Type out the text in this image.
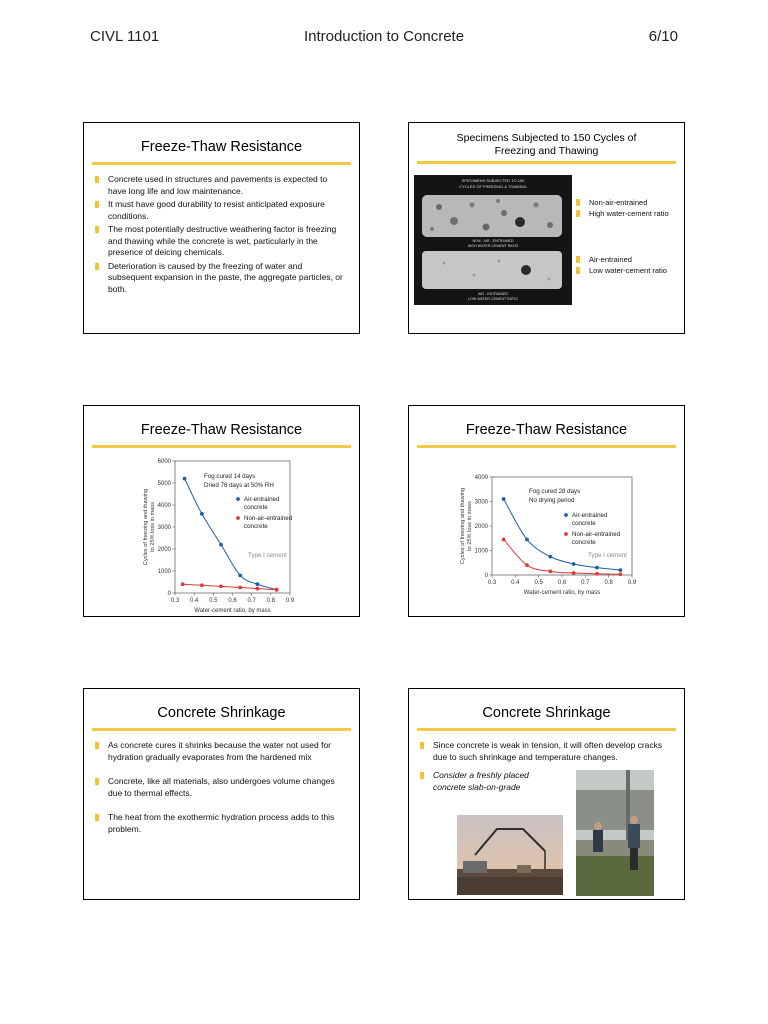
CIVL 1101	Introduction to Concrete	6/10
Freeze-Thaw Resistance
Concrete used in structures and pavements is expected to have long life and low maintenance.
It must have good durability to resist anticipated exposure conditions.
The most potentially destructive weathering factor is freezing and thawing while the concrete is wet, particularly in the presence of deicing chemicals.
Deterioration is caused by the freezing of water and subsequent expansion in the paste, the aggregate particles, or both.
Specimens Subjected to 150 Cycles of
Freezing and Thawing
SPECIMENS SUBJECTED TO 150
CYCLES OF FREEZING & THAWING
NON - AIR - ENTRAINED
HIGH WATER-CEMENT RATIO
AIR - ENTRAINED
LOW WATER-CEMENT RATIO
Non-air-entrained
High water-cement ratio
Air-entrained
Low water-cement ratio
Freeze-Thaw Resistance
0.3 0.4 0.5 0.6 0.7 0.8 0.9
0
1000
2000
3000
4000
5000
6000
Water-cement ratio, by mass
Cycles of freezing and thawing to 25% loss in mass
Fog cured 14 days
Dried 76 days at 50% RH
Type I cement
Air-entrained
concrete
Non-air-entrained
concrete
Freeze-Thaw Resistance
0.3 0.4 0.5 0.6 0.7 0.8 0.9
0
1000
2000
3000
4000
Water-cement ratio, by mass
Cycles of freezing and thawing to 25% loss in mass
Fog cured 28 days
No drying period
Type I cement
Air-entrained
concrete
Non-air-entrained
concrete
Concrete Shrinkage
As concrete cures it shrinks because the water not used for hydration gradually evaporates from the hardened mix
Concrete, like all materials, also undergoes volume changes due to thermal effects.
The heat from the exothermic hydration process adds to this problem.
Concrete Shrinkage
Since concrete is weak in tension, it will often develop cracks due to such shrinkage and temperature changes.
Consider a freshly placed
concrete slab-on-grade
